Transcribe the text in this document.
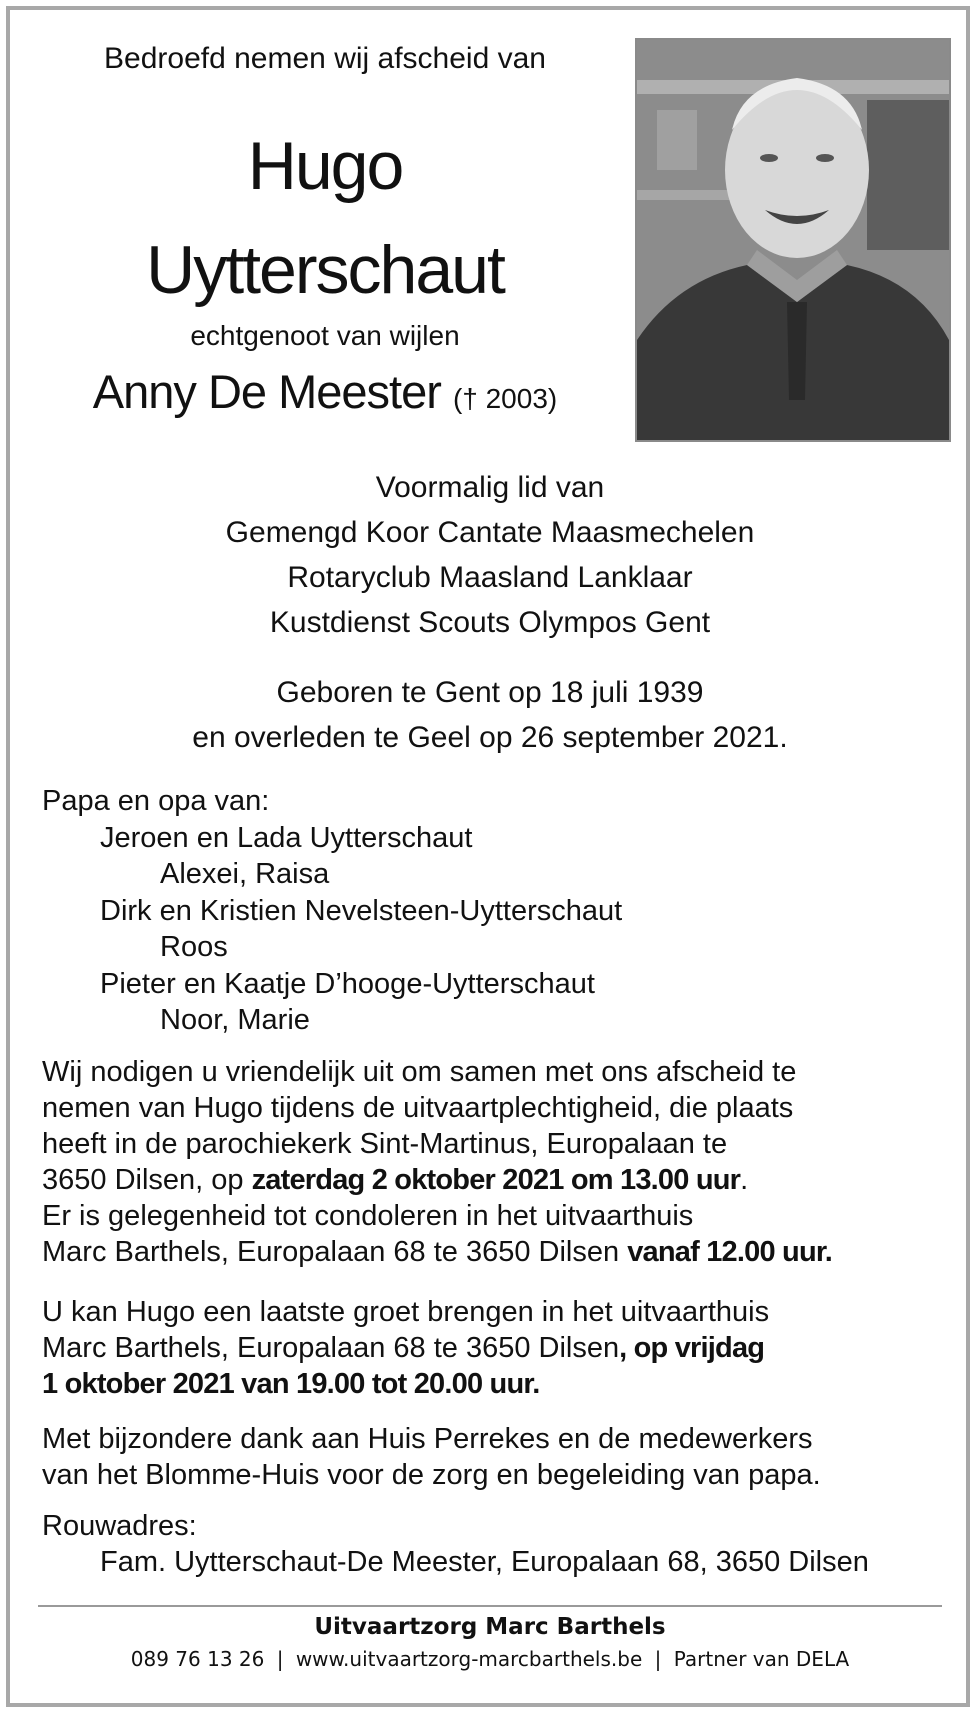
Bedroefd nemen wij afscheid van
Hugo
Uytterschaut
echtgenoot van wijlen
Anny De Meester († 2003)
Voormalig lid van
Gemengd Koor Cantate Maasmechelen
Rotaryclub Maasland Lanklaar
Kustdienst Scouts Olympos Gent
Geboren te Gent op 18 juli 1939
en overleden te Geel op 26 september 2021.
Papa en opa van:
Jeroen en Lada Uytterschaut
Alexei, Raisa
Dirk en Kristien Nevelsteen-Uytterschaut
Roos
Pieter en Kaatje D’hooge-Uytterschaut
Noor, Marie
Wij nodigen u vriendelijk uit om samen met ons afscheid te
nemen van Hugo tijdens de uitvaartplechtigheid, die plaats
heeft in de parochiekerk Sint-Martinus, Europalaan te
3650 Dilsen, op zaterdag 2 oktober 2021 om 13.00 uur.
Er is gelegenheid tot condoleren in het uitvaarthuis
Marc Barthels, Europalaan 68 te 3650 Dilsen vanaf 12.00 uur.
U kan Hugo een laatste groet brengen in het uitvaarthuis
Marc Barthels, Europalaan 68 te 3650 Dilsen, op vrijdag
1 oktober 2021 van 19.00 tot 20.00 uur.
Met bijzondere dank aan Huis Perrekes en de medewerkers
van het Blomme-Huis voor de zorg en begeleiding van papa.
Rouwadres:
Fam. Uytterschaut-De Meester, Europalaan 68, 3650 Dilsen
Uitvaartzorg Marc Barthels
089 76 13 26 | www.uitvaartzorg-marcbarthels.be | Partner van DELA
